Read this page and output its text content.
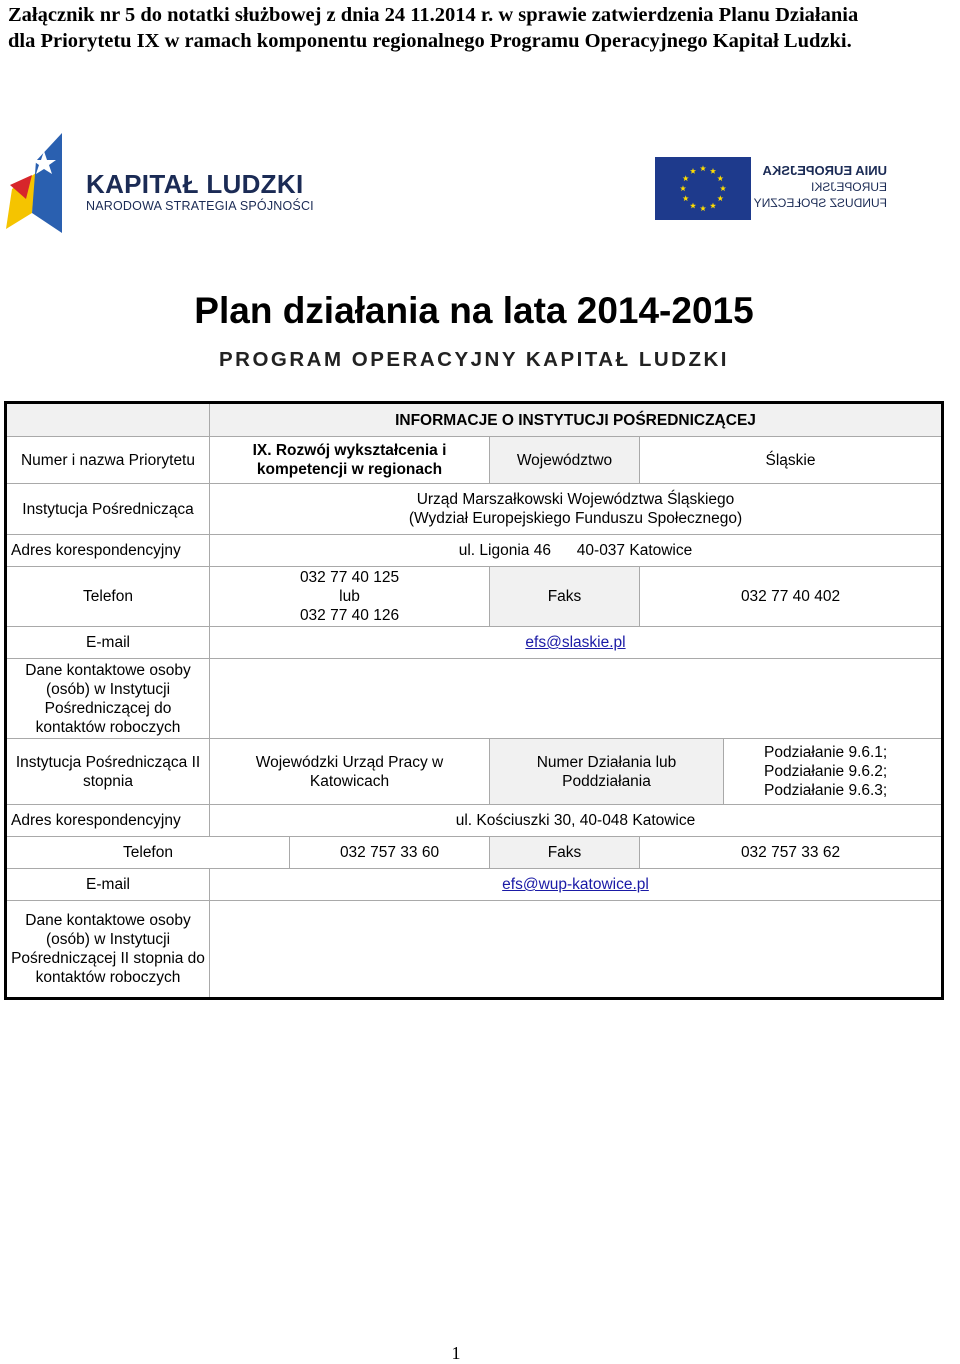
Załącznik nr 5 do notatki służbowej z dnia 24 11.2014 r. w sprawie zatwierdzenia Planu Działania
dla Priorytetu IX w ramach komponentu regionalnego Programu Operacyjnego Kapitał Ludzki.
KAPITAŁ LUDZKI
NARODOWA STRATEGIA SPÓJNOŚCI
UNIA EUROPEJSKA
EUROPEJSKI
FUNDUSZ SPOŁECZNY
Plan działania na lata 2014-2015
PROGRAM OPERACYJNY KAPITAŁ LUDZKI
	INFORMACJE O INSTYTUCJI POŚREDNICZĄCEJ				
Numer i nazwa Priorytetu	IX. Rozwój wykształcenia i kompetencji w regionach		Województwo	Śląskie	
Instytucja Pośrednicząca	Urząd Marszałkowski Województwa Śląskiego
(Wydział Europejskiego Funduszu Społecznego)				

Adres korespondencyjny	ul. Ligonia 46      40-037 Katowice				
Telefon	032 77 40 125
lub
032 77 40 126		Faks	032 77 40 402	
E-mail	efs@slaskie.pl				
Dane kontaktowe osoby (osób) w Instytucji Pośredniczącej do kontaktów roboczych					
Instytucja Pośrednicząca II stopnia	Wojewódzki Urząd Pracy w Katowicach		Numer Działania lub Poddziałania		Podziałanie 9.6.1;
Podziałanie 9.6.2;
Podziałanie 9.6.3;

Adres korespondencyjny	ul. Kościuszki 30, 40-048 Katowice				
Telefon		032 757 33 60	Faks	032 757 33 62	
E-mail	efs@wup-katowice.pl				
Dane kontaktowe osoby (osób) w Instytucji Pośredniczącej II stopnia do kontaktów roboczych					
1
